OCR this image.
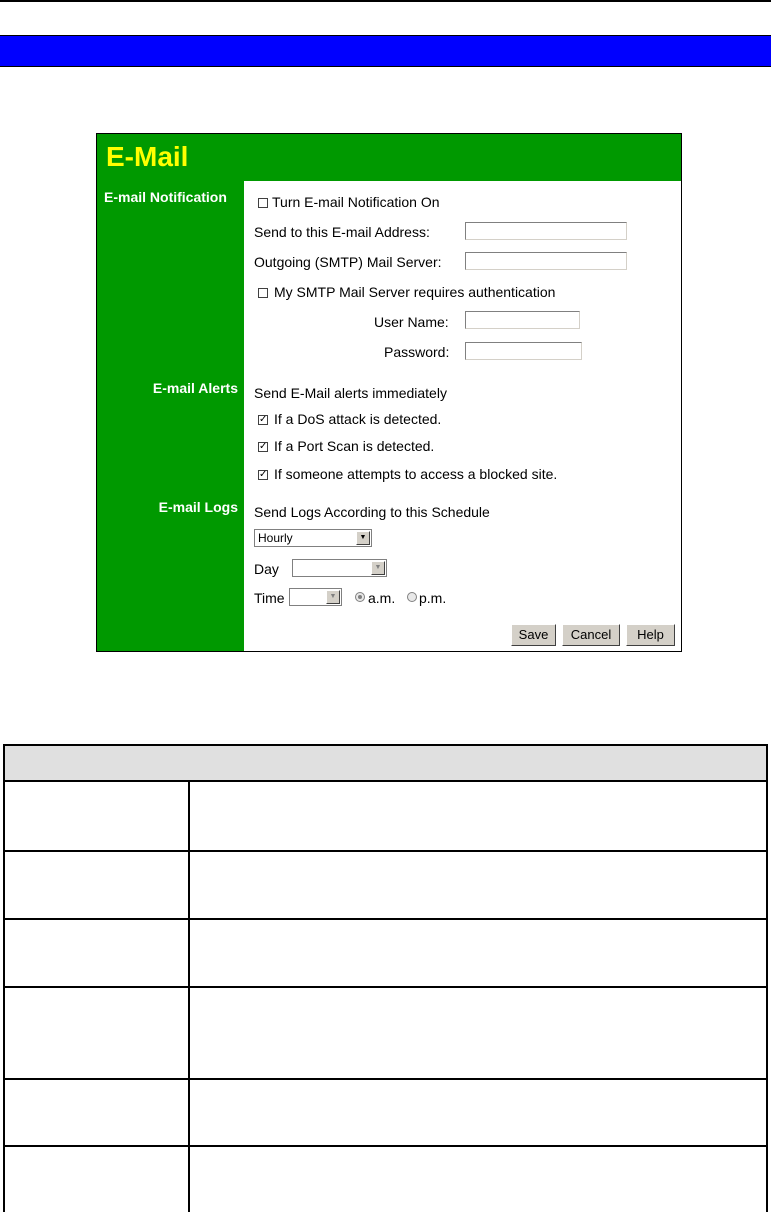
E-Mail
E-mail Notification
E-mail Alerts
E-mail Logs
Turn E-mail Notification On
Send to this E-mail Address:
Outgoing (SMTP) Mail Server:
My SMTP Mail Server requires authentication
User Name:
Password:
Send E-Mail alerts immediately
✓ If a DoS attack is detected.
✓ If a Port Scan is detected.
✓ If someone attempts to access a blocked site.
Send Logs According to this Schedule
Hourly	▼
Day	▼
Time	▼ a.m. p.m.
Save	Cancel	Help
